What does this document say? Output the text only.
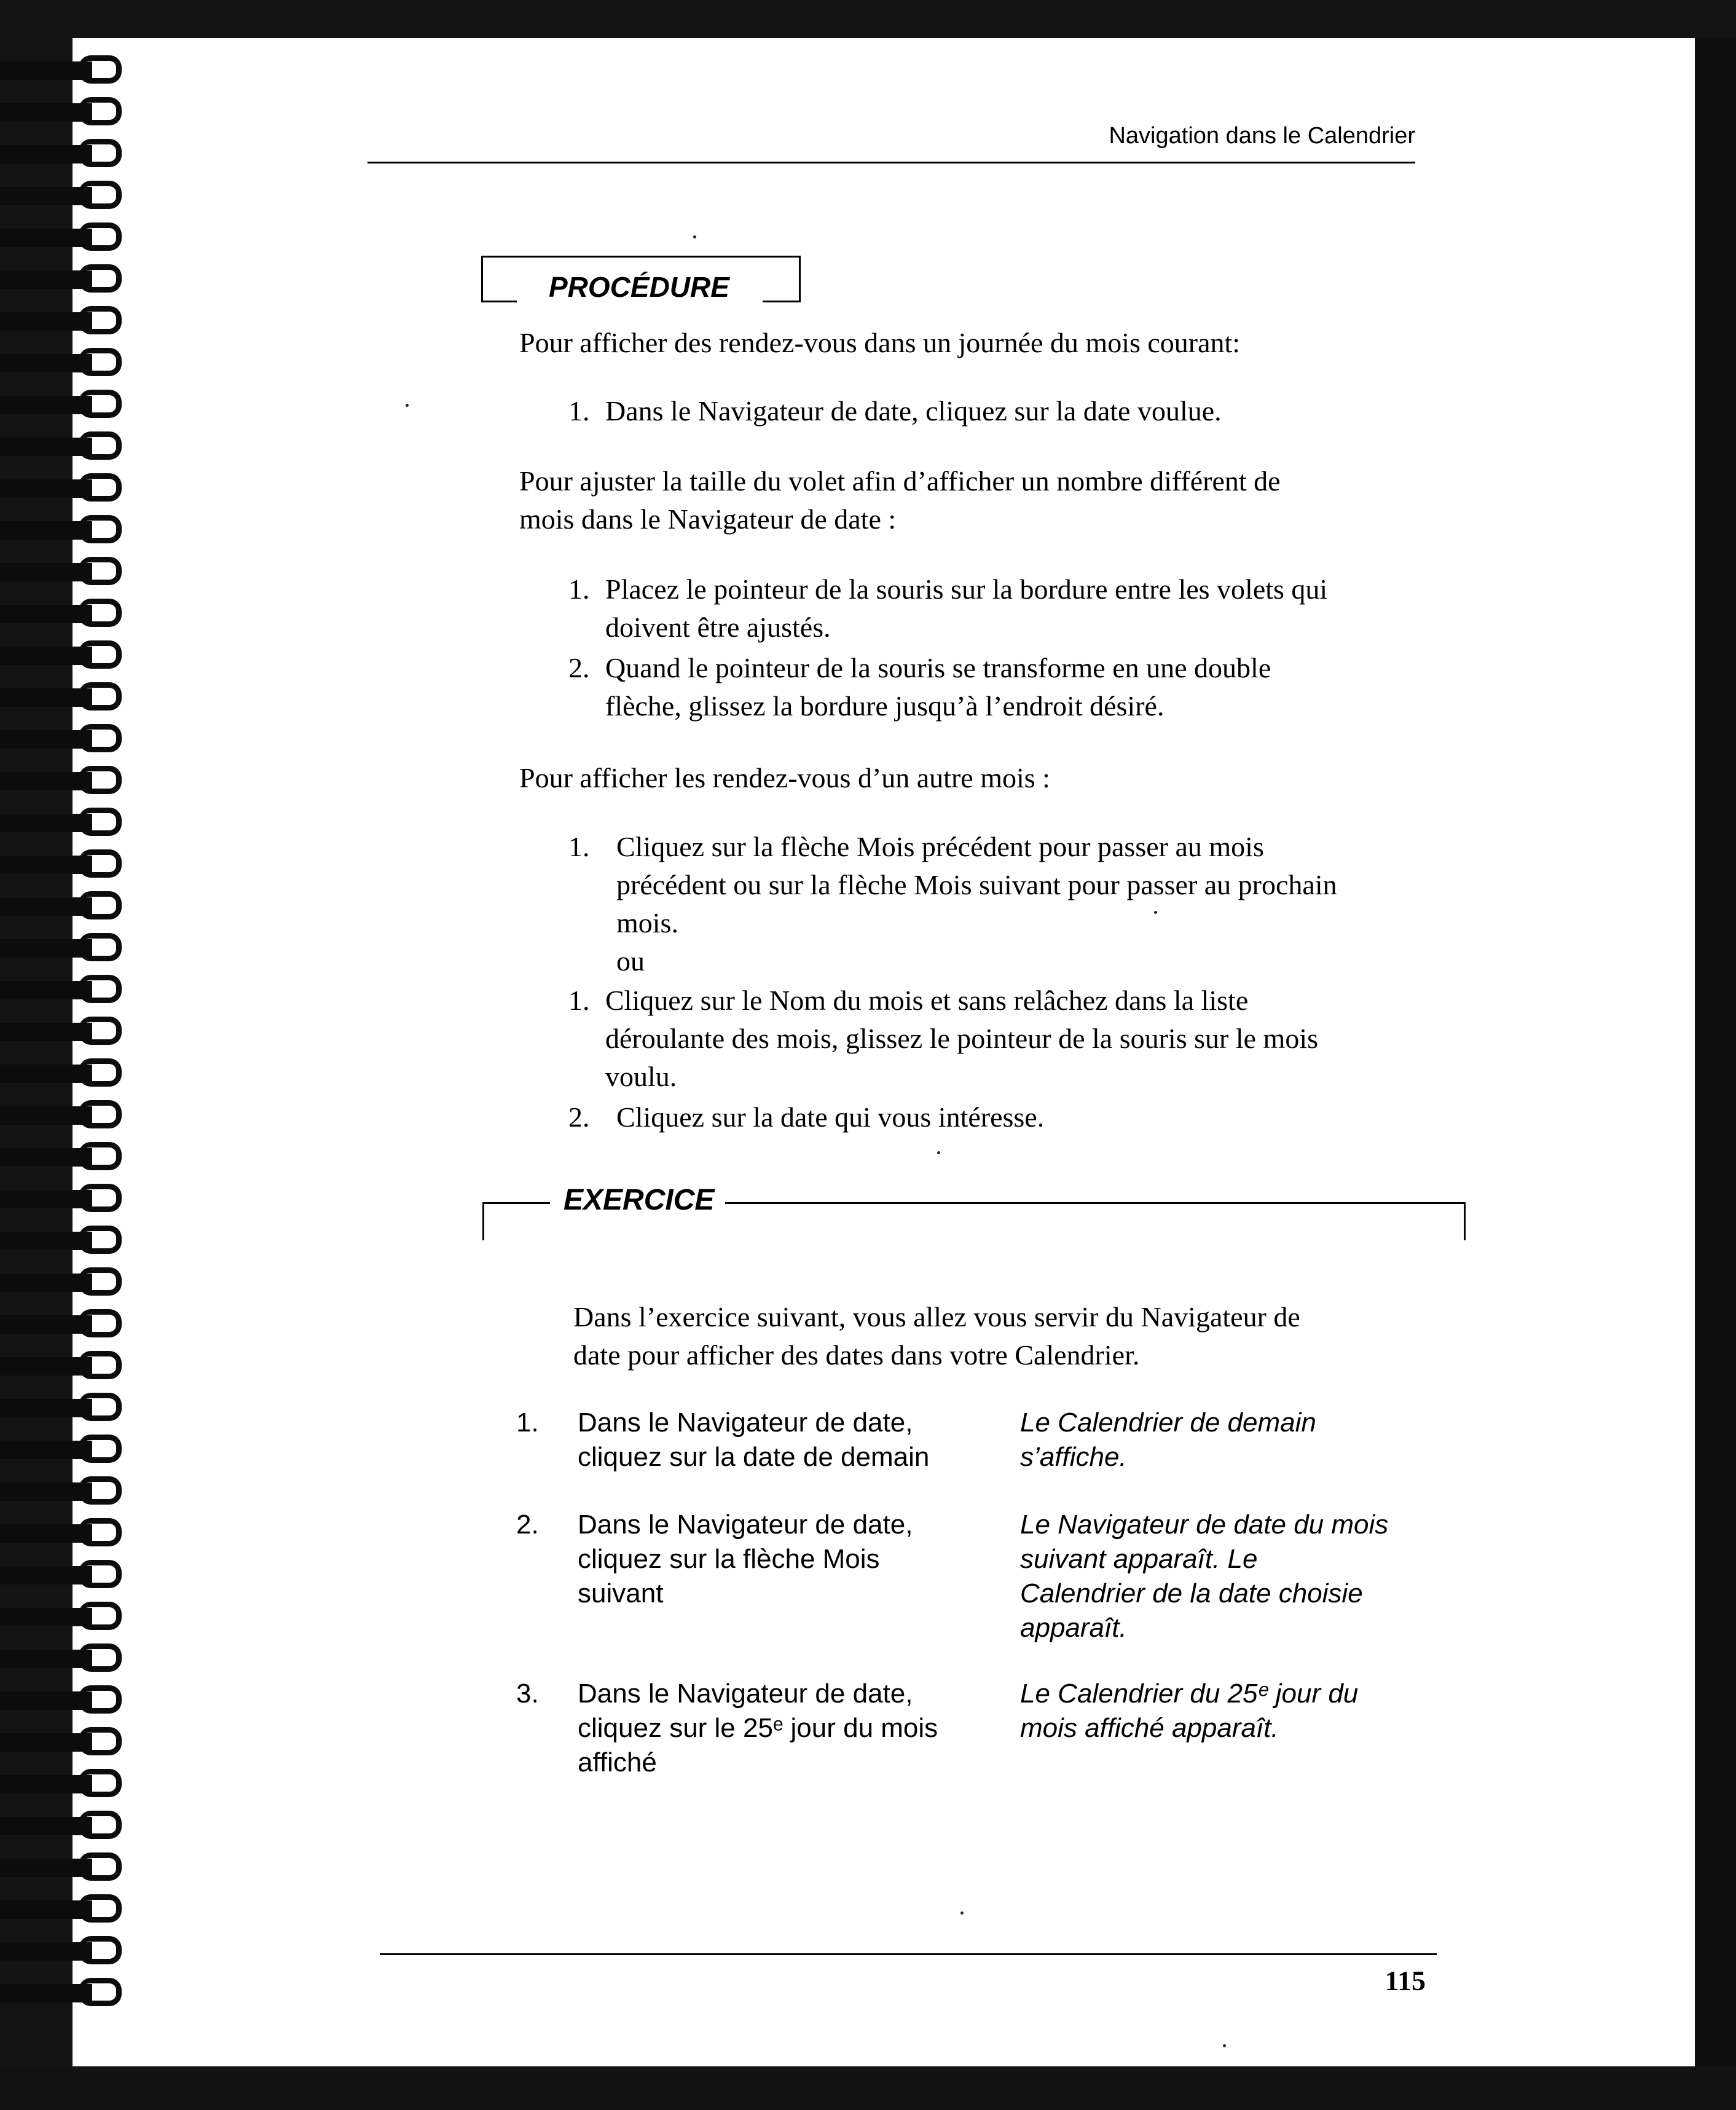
Navigation dans le Calendrier
PROCÉDURE

Pour afficher des rendez-vous dans un journée du mois courant:

1. Dans le Navigateur de date, cliquez sur la date voulue.

Pour ajuster la taille du volet afin d’afficher un nombre différent de

mois dans le Navigateur de date :

1. Placez le pointeur de la souris sur la bordure entre les volets qui
doivent être ajustés.
2. Quand le pointeur de la souris se transforme en une double
flèche, glissez la bordure jusqu’à l’endroit désiré.

Pour afficher les rendez-vous d’un autre mois :

1. Cliquez sur la flèche Mois précédent pour passer au mois
précédent ou sur la flèche Mois suivant pour passer au prochain
mois.

ou

1. Cliquez sur le Nom du mois et sans relâchez dans la liste
déroulante des mois, glissez le pointeur de la souris sur le mois
voulu.
2. Cliquez sur la date qui vous intéresse.
EXERCICE

Dans l’exercice suivant, vous allez vous servir du Navigateur de

date pour afficher des dates dans votre Calendrier.

1. Dans le Navigateur de date,
cliquez sur la date de demain
Le Calendrier de demain
s’affiche.
2. Dans le Navigateur de date,
cliquez sur la flèche Mois
suivant
Le Navigateur de date du mois
suivant apparaît. Le
Calendrier de la date choisie
apparaît.
3. Dans le Navigateur de date,
cliquez sur le 25ᵉ jour du mois
affiché
Le Calendrier du 25ᵉ jour du
mois affiché apparaît.
115
